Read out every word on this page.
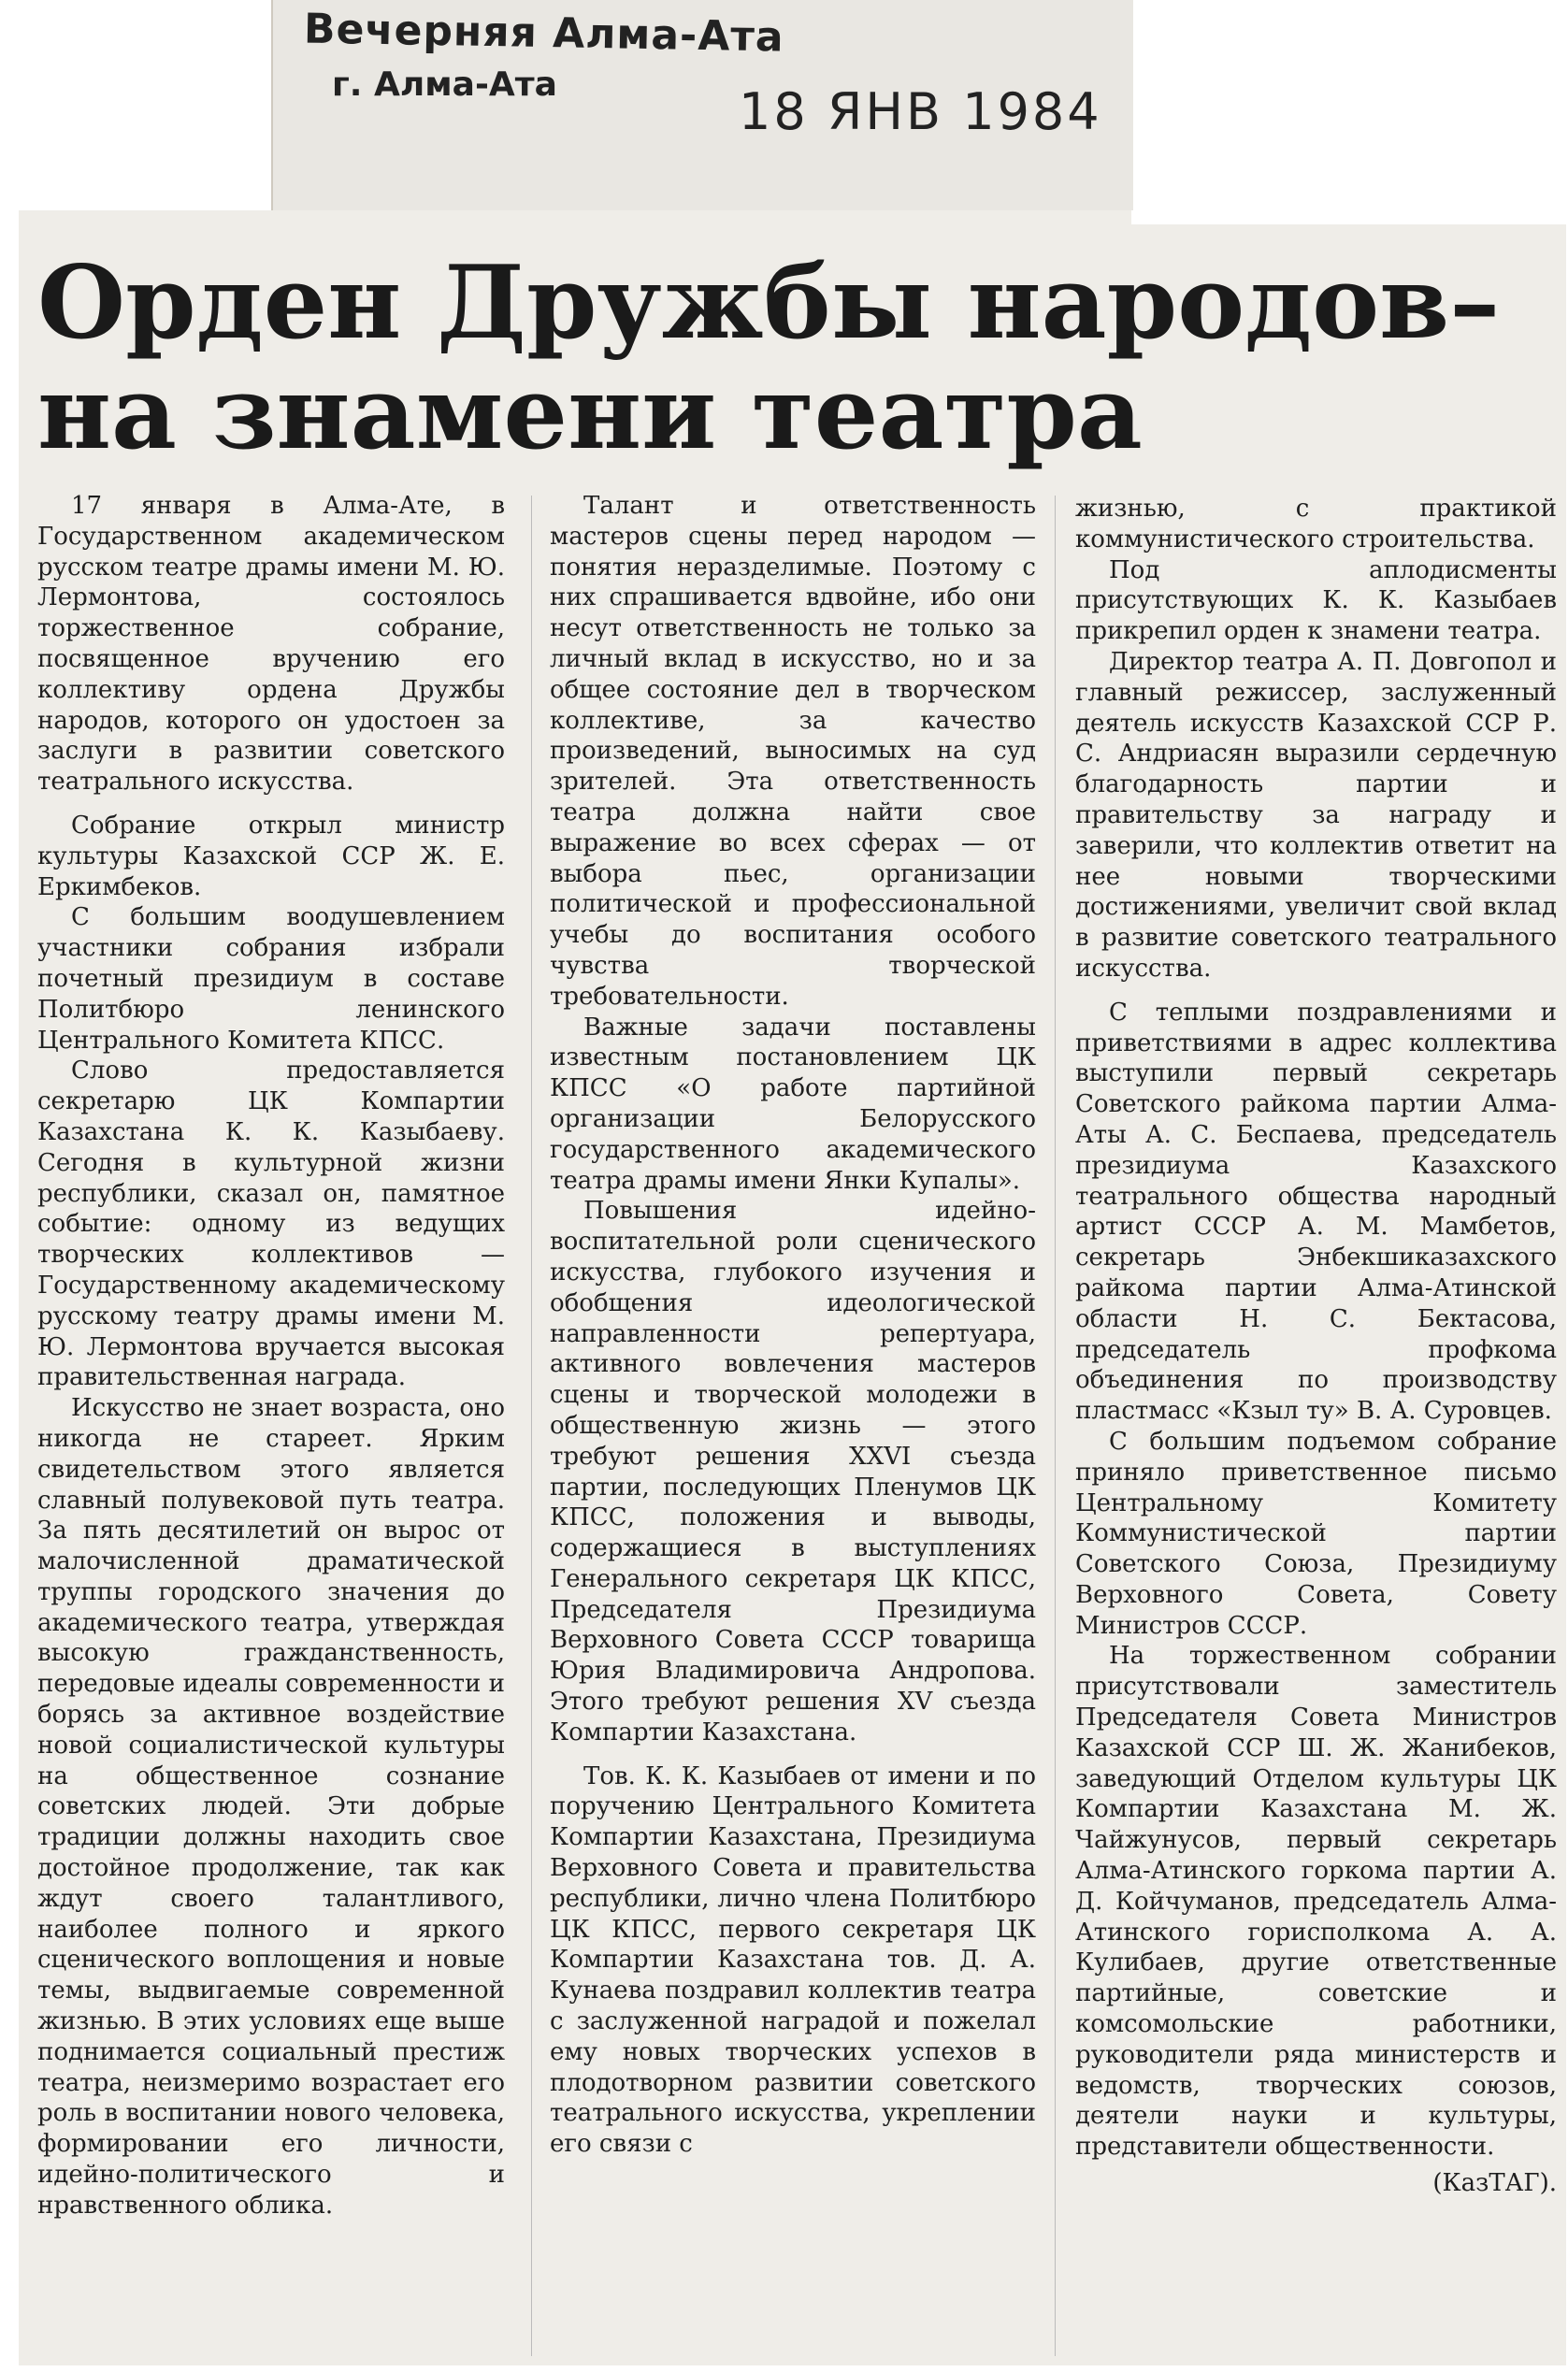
Вечерняя Алма-Ата
г. Алма-Ата	18 ЯНВ 1984
Орден Дружбы народов–
на знамени театра

17 января в Алма-Ате, в Государственном академическом русском театре драмы имени М. Ю. Лермонтова, состоялось торжественное собрание, посвященное вручению его коллективу ордена Дружбы народов, которого он удостоен за заслуги в развитии советского театрального искусства.

Собрание открыл министр культуры Казахской ССР Ж. Е. Еркимбеков.

С большим воодушевлением участники собрания избрали почетный президиум в составе Политбюро ленинского Центрального Комитета КПСС.

Слово предоставляется секретарю ЦК Компартии Казахстана К. К. Казыбаеву. Сегодня в культурной жизни республики, сказал он, памятное событие: одному из ведущих творческих коллективов — Государственному академическому русскому театру драмы имени М. Ю. Лермонтова вручается высокая правительственная награда.

Искусство не знает возраста, оно никогда не стареет. Ярким свидетельством этого является славный полувековой путь театра. За пять десятилетий он вырос от малочисленной драматической труппы городского значения до академического театра, утверждая высокую гражданственность, передовые идеалы современности и борясь за активное воздействие новой социалистической культуры на общественное сознание советских людей. Эти добрые традиции должны находить свое достойное продолжение, так как ждут своего талантливого, наиболее полного и яркого сценического воплощения и новые темы, выдвигаемые современной жизнью. В этих условиях еще выше поднимается социальный престиж театра, неизмеримо возрастает его роль в воспитании нового человека, формировании его личности, идейно-политического и нравственного облика.

Талант и ответственность мастеров сцены перед народом — понятия неразделимые. Поэтому с них спрашивается вдвойне, ибо они несут ответственность не только за личный вклад в искусство, но и за общее состояние дел в творческом коллективе, за качество произведений, выносимых на суд зрителей. Эта ответственность театра должна найти свое выражение во всех сферах — от выбора пьес, организации политической и профессиональной учебы до воспитания особого чувства творческой требовательности.

Важные задачи поставлены известным постановлением ЦК КПСС «О работе партийной организации Белорусского государственного академического театра драмы имени Янки Купалы».

Повышения идейно-воспитательной роли сценического искусства, глубокого изучения и обобщения идеологической направленности репертуара, активного вовлечения мастеров сцены и творческой молодежи в общественную жизнь — этого требуют решения XXVI съезда партии, последующих Пленумов ЦК КПСС, положения и выводы, содержащиеся в выступлениях Генерального секретаря ЦК КПСС, Председателя Президиума Верховного Совета СССР товарища Юрия Владимировича Андропова. Этого требуют решения XV съезда Компартии Казахстана.

Тов. К. К. Казыбаев от имени и по поручению Центрального Комитета Компартии Казахстана, Президиума Верховного Совета и правительства республики, лично члена Политбюро ЦК КПСС, первого секретаря ЦК Компартии Казахстана тов. Д. А. Кунаева поздравил коллектив театра с заслуженной наградой и пожелал ему новых творческих успехов в плодотворном развитии советского театрального искусства, укреплении его связи с

жизнью, с практикой коммунистического строительства.

Под аплодисменты присутствующих К. К. Казыбаев прикрепил орден к знамени театра.

Директор театра А. П. Довгопол и главный режиссер, заслуженный деятель искусств Казахской ССР Р. С. Андриасян выразили сердечную благодарность партии и правительству за награду и заверили, что коллектив ответит на нее новыми творческими достижениями, увеличит свой вклад в развитие советского театрального искусства.

С теплыми поздравлениями и приветствиями в адрес коллектива выступили первый секретарь Советского райкома партии Алма-Аты А. С. Беспаева, председатель президиума Казахского театрального общества народный артист СССР А. М. Мамбетов, секретарь Энбекшиказахского райкома партии Алма-Атинской области Н. С. Бектасова, председатель профкома объединения по производству пластмасс «Кзыл ту» В. А. Суровцев.

С большим подъемом собрание приняло приветственное письмо Центральному Комитету Коммунистической партии Советского Союза, Президиуму Верховного Совета, Совету Министров СССР.

На торжественном собрании присутствовали заместитель Председателя Совета Министров Казахской ССР Ш. Ж. Жанибеков, заведующий Отделом культуры ЦК Компартии Казахстана М. Ж. Чайжунусов, первый секретарь Алма-Атинского горкома партии А. Д. Койчуманов, председатель Алма-Атинского горисполкома А. А. Кулибаев, другие ответственные партийные, советские и комсомольские работники, руководители ряда министерств и ведомств, творческих союзов, деятели науки и культуры, представители общественности.

(КазТАГ).
